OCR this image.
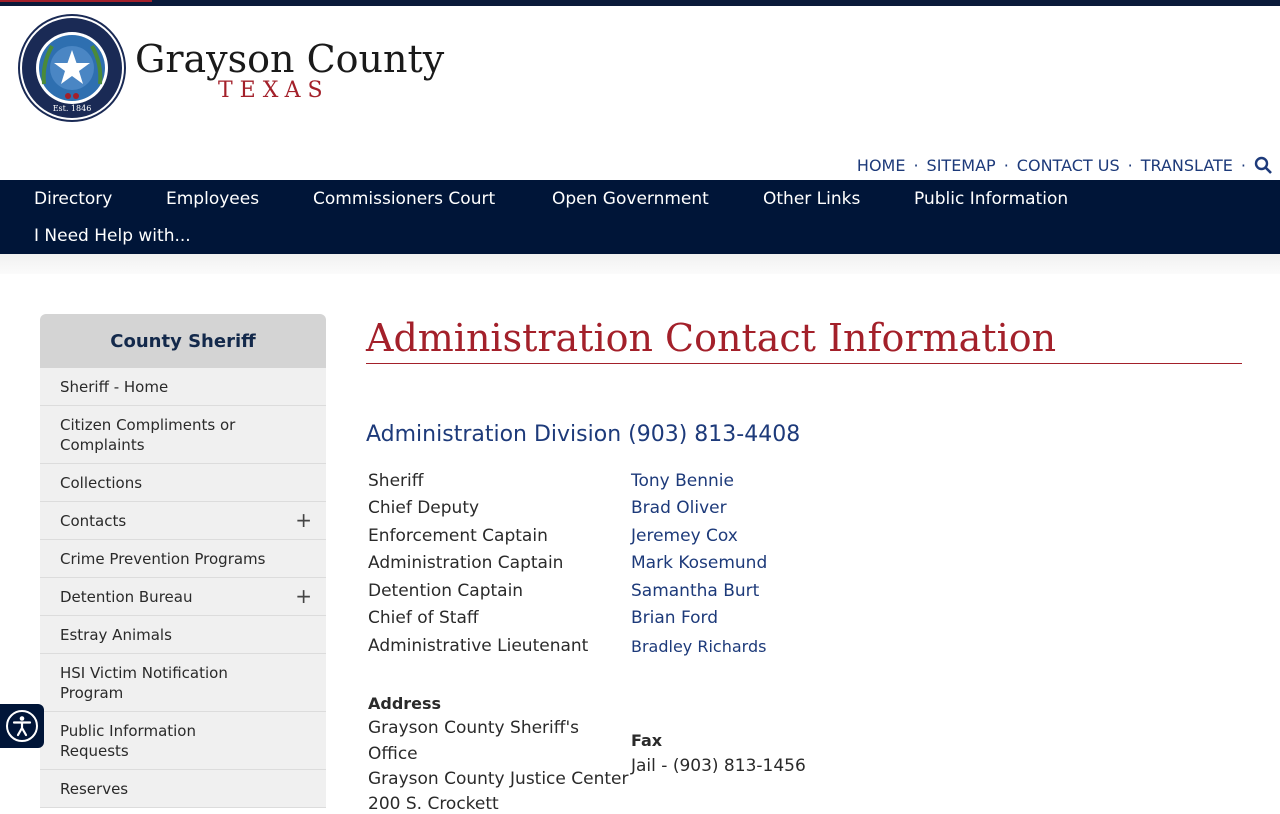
Est. 1846
Grayson County
TEXAS
HOME · SITEMAP · CONTACT US · TRANSLATE ·
Directory	Employees	Commissioners Court	Open Government	Other Links	Public Information
I Need Help with...
County Sheriff
Sheriff - Home
Citizen Compliments or
Complaints
Collections
Contacts	+
Crime Prevention Programs
Detention Bureau	+
Estray Animals
HSI Victim Notification
Program
Public Information
Requests
Reserves
Administration Contact Information
Administration Division (903) 813-4408
Sheriff	Tony Bennie
Chief Deputy	Brad Oliver
Enforcement Captain	Jeremey Cox
Administration Captain	Mark Kosemund
Detention Captain	Samantha Burt
Chief of Staff	Brian Ford
Administrative Lieutenant	Bradley Richards
Address
Grayson County Sheriff's
Office
Grayson County Justice Center
200 S. Crockett
Fax
Jail - (903) 813-1456
